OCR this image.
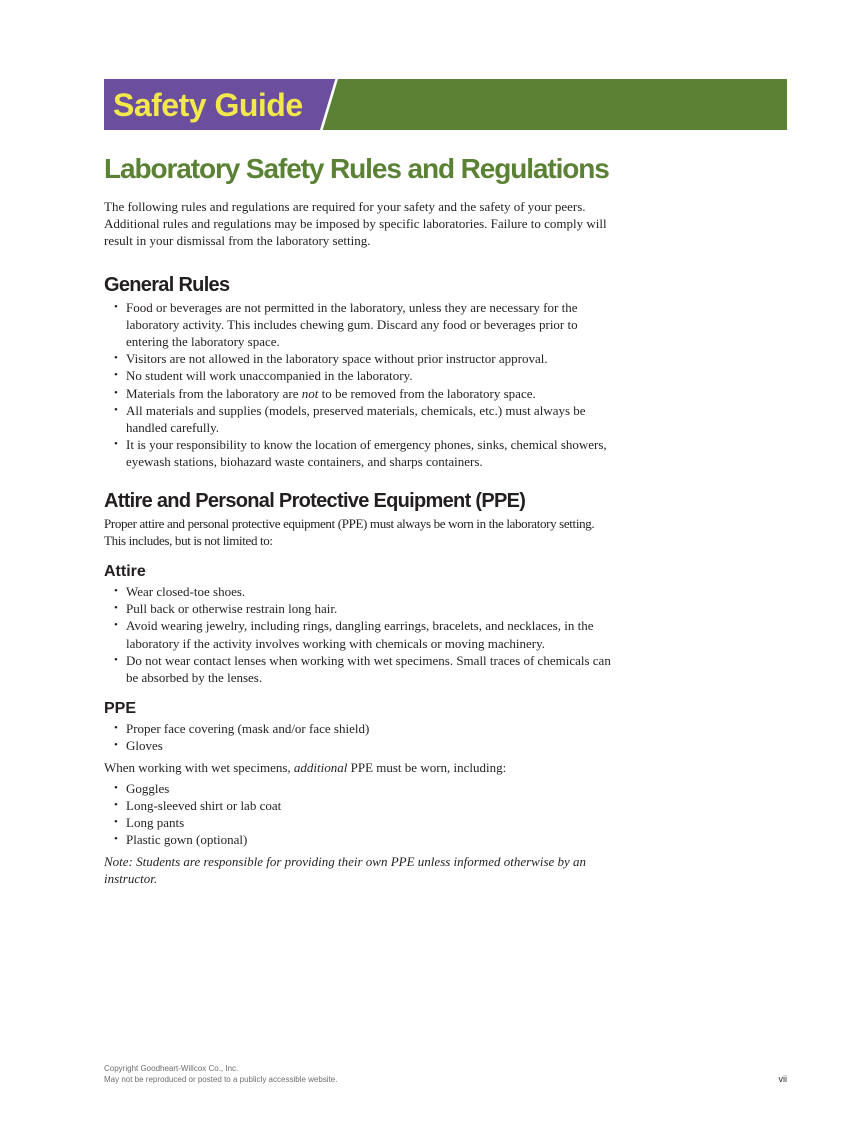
Safety Guide
Laboratory Safety Rules and Regulations

The following rules and regulations are required for your safety and the safety of your peers. Additional rules and regulations may be imposed by specific laboratories. Failure to comply will result in your dismissal from the laboratory setting.

General Rules
• Food or beverages are not permitted in the laboratory, unless they are necessary for the laboratory activity. This includes chewing gum. Discard any food or beverages prior to entering the laboratory space.
• Visitors are not allowed in the laboratory space without prior instructor approval.
• No student will work unaccompanied in the laboratory.
• Materials from the laboratory are not to be removed from the laboratory space.
• All materials and supplies (models, preserved materials, chemicals, etc.) must always be handled carefully.
• It is your responsibility to know the location of emergency phones, sinks, chemical showers, eyewash stations, biohazard waste containers, and sharps containers.
Attire and Personal Protective Equipment (PPE)

Proper attire and personal protective equipment (PPE) must always be worn in the laboratory setting. This includes, but is not limited to:

Attire
• Wear closed-toe shoes.
• Pull back or otherwise restrain long hair.
• Avoid wearing jewelry, including rings, dangling earrings, bracelets, and necklaces, in the laboratory if the activity involves working with chemicals or moving machinery.
• Do not wear contact lenses when working with wet specimens. Small traces of chemicals can be absorbed by the lenses.
PPE
• Proper face covering (mask and/or face shield)
• Gloves

When working with wet specimens, additional PPE must be worn, including:

• Goggles
• Long-sleeved shirt or lab coat
• Long pants
• Plastic gown (optional)

Note: Students are responsible for providing their own PPE unless informed otherwise by an instructor.

Copyright Goodheart-Willcox Co., Inc.
May not be reproduced or posted to a publicly accessible website.	vii
